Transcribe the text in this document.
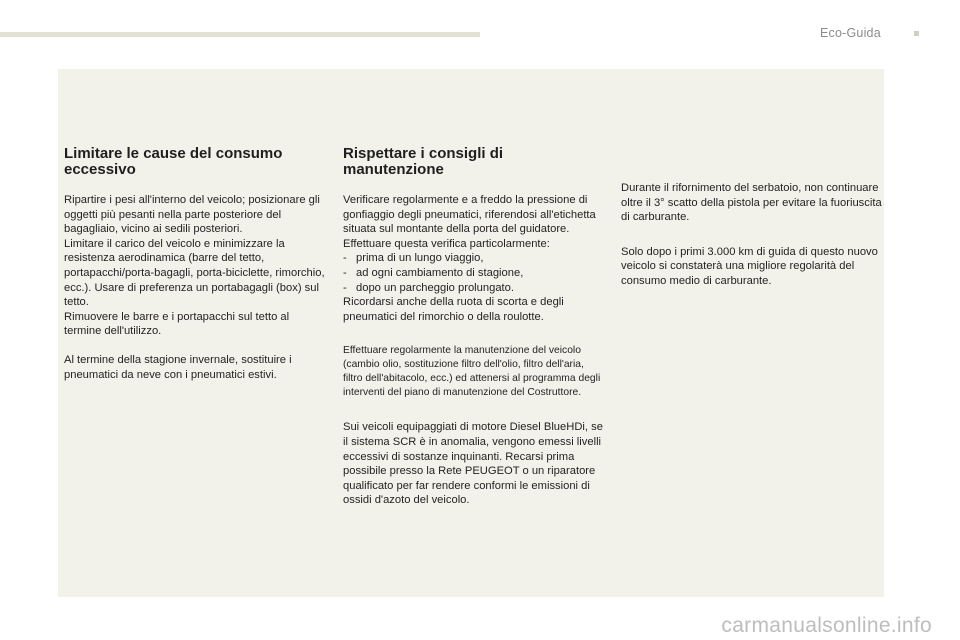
Eco-Guida
Limitare le cause del consumo eccessivo

Ripartire i pesi all'interno del veicolo; posizionare gli oggetti più pesanti nella parte posteriore del bagagliaio, vicino ai sedili posteriori.

Limitare il carico del veicolo e minimizzare la resistenza aerodinamica (barre del tetto, portapacchi/porta-bagagli, porta-biciclette, rimorchio, ecc.). Usare di preferenza un portabagagli (box) sul tetto.

Rimuovere le barre e i portapacchi sul tetto al termine dell'utilizzo.

Al termine della stagione invernale, sostituire i pneumatici da neve con i pneumatici estivi.

Rispettare i consigli di manutenzione

Verificare regolarmente e a freddo la pressione di gonfiaggio degli pneumatici, riferendosi all'etichetta situata sul montante della porta del guidatore.

Effettuare questa verifica particolarmente:

- prima di un lungo viaggio,
- ad ogni cambiamento di stagione,
- dopo un parcheggio prolungato.

Ricordarsi anche della ruota di scorta e degli pneumatici del rimorchio o della roulotte.

Effettuare regolarmente la manutenzione del veicolo (cambio olio, sostituzione filtro dell'olio, filtro dell'aria, filtro dell'abitacolo, ecc.) ed attenersi al programma degli interventi del piano di manutenzione del Costruttore.

Sui veicoli equipaggiati di motore Diesel BlueHDi, se il sistema SCR è in anomalia, vengono emessi livelli eccessivi di sostanze inquinanti. Recarsi prima possibile presso la Rete PEUGEOT o un riparatore qualificato per far rendere conformi le emissioni di ossidi d'azoto del veicolo.

Durante il rifornimento del serbatoio, non continuare oltre il 3° scatto della pistola per evitare la fuoriuscita di carburante.

Solo dopo i primi 3.000 km di guida di questo nuovo veicolo si constaterà una migliore regolarità del consumo medio di carburante.

carmanualsonline.info
